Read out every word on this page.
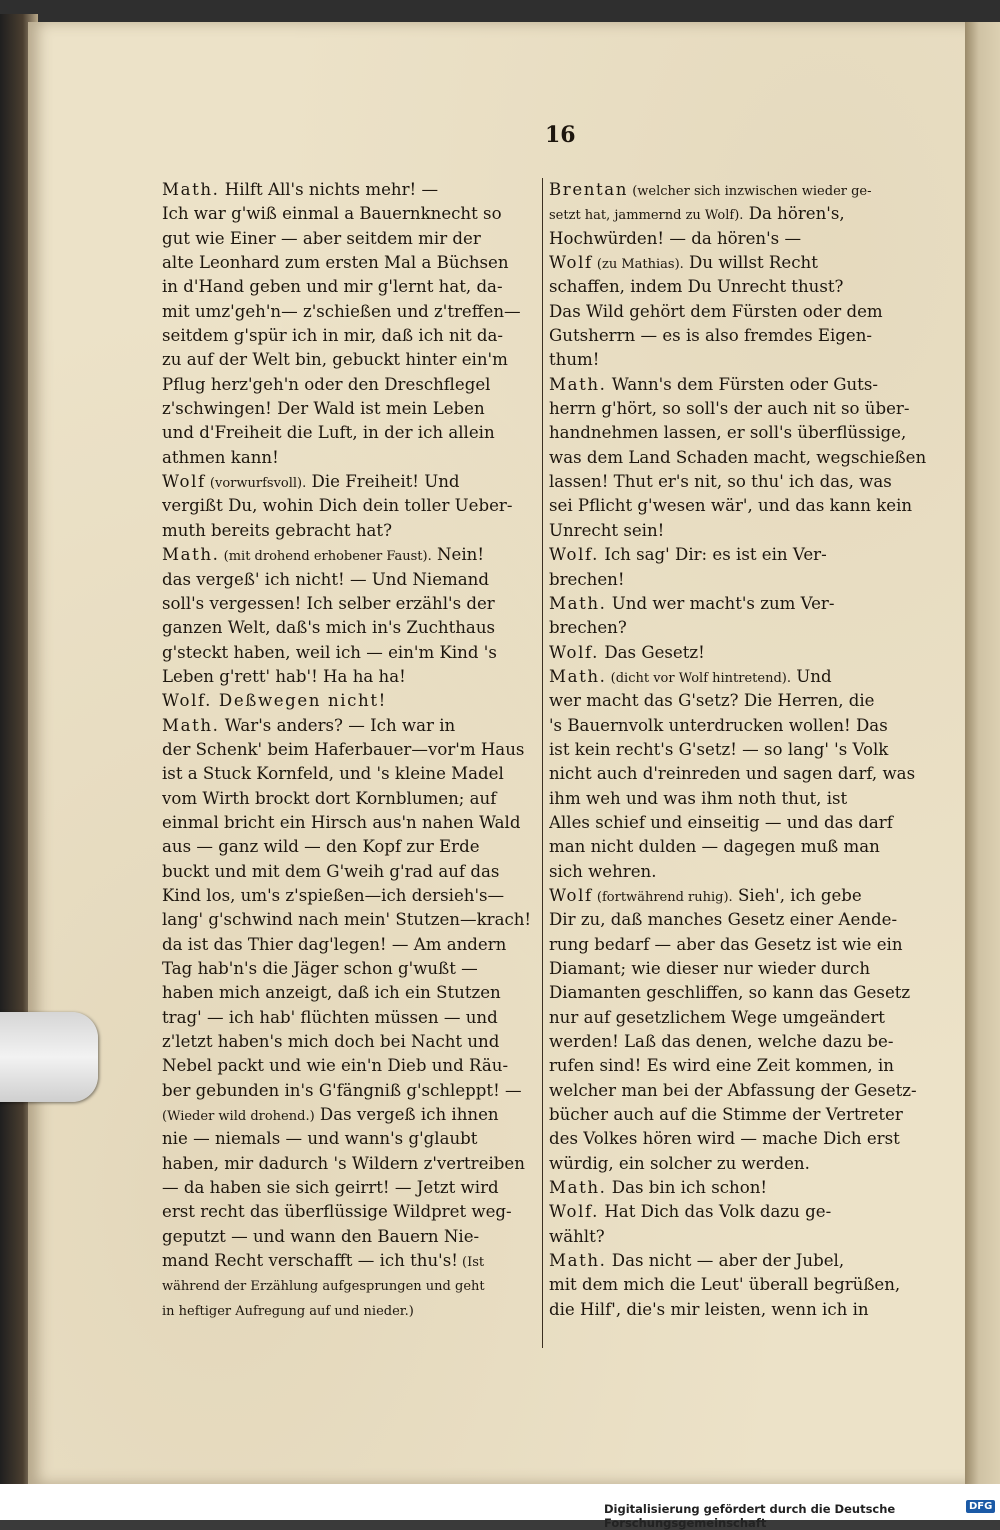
16
Math. Hilft All's nichts mehr! —
Ich war g'wiß einmal a Bauernknecht so
gut wie Einer — aber seitdem mir der
alte Leonhard zum ersten Mal a Büchsen
in d'Hand geben und mir g'lernt hat, da-
mit umz'geh'n— z'schießen und z'treffen—
seitdem g'spür ich in mir, daß ich nit da-
zu auf der Welt bin, gebuckt hinter ein'm
Pflug herz'geh'n oder den Dreschflegel
z'schwingen! Der Wald ist mein Leben
und d'Freiheit die Luft, in der ich allein
athmen kann!
Wolf (vorwurfsvoll). Die Freiheit! Und
vergißt Du, wohin Dich dein toller Ueber-
muth bereits gebracht hat?
Math. (mit drohend erhobener Faust). Nein!
das vergeß' ich nicht! — Und Niemand
soll's vergessen! Ich selber erzähl's der
ganzen Welt, daß's mich in's Zuchthaus
g'steckt haben, weil ich — ein'm Kind 's
Leben g'rett' hab'! Ha ha ha!
Wolf. Deßwegen nicht!
Math. War's anders? — Ich war in
der Schenk' beim Haferbauer—vor'm Haus
ist a Stuck Kornfeld, und 's kleine Madel
vom Wirth brockt dort Kornblumen; auf
einmal bricht ein Hirsch aus'n nahen Wald
aus — ganz wild — den Kopf zur Erde
buckt und mit dem G'weih g'rad auf das
Kind los, um's z'spießen—ich dersieh's—
lang' g'schwind nach mein' Stutzen—krach!
da ist das Thier dag'legen! — Am andern
Tag hab'n's die Jäger schon g'wußt —
haben mich anzeigt, daß ich ein Stutzen
trag' — ich hab' flüchten müssen — und
z'letzt haben's mich doch bei Nacht und
Nebel packt und wie ein'n Dieb und Räu-
ber gebunden in's G'fängniß g'schleppt! —
(Wieder wild drohend.) Das vergeß ich ihnen
nie — niemals — und wann's g'glaubt
haben, mir dadurch 's Wildern z'vertreiben
— da haben sie sich geirrt! — Jetzt wird
erst recht das überflüssige Wildpret weg-
geputzt — und wann den Bauern Nie-
mand Recht verschafft — ich thu's! (Ist
während der Erzählung aufgesprungen und geht
in heftiger Aufregung auf und nieder.)
Brentan (welcher sich inzwischen wieder ge-
setzt hat, jammernd zu Wolf). Da hören's,
Hochwürden! — da hören's —
Wolf (zu Mathias). Du willst Recht
schaffen, indem Du Unrecht thust?
Das Wild gehört dem Fürsten oder dem
Gutsherrn — es is also fremdes Eigen-
thum!
Math. Wann's dem Fürsten oder Guts-
herrn g'hört, so soll's der auch nit so über-
handnehmen lassen, er soll's überflüssige,
was dem Land Schaden macht, wegschießen
lassen! Thut er's nit, so thu' ich das, was
sei Pflicht g'wesen wär', und das kann kein
Unrecht sein!
Wolf. Ich sag' Dir: es ist ein Ver-
brechen!
Math. Und wer macht's zum Ver-
brechen?
Wolf. Das Gesetz!
Math. (dicht vor Wolf hintretend). Und
wer macht das G'setz? Die Herren, die
's Bauernvolk unterdrucken wollen! Das
ist kein recht's G'setz! — so lang' 's Volk
nicht auch d'reinreden und sagen darf, was
ihm weh und was ihm noth thut, ist
Alles schief und einseitig — und das darf
man nicht dulden — dagegen muß man
sich wehren.
Wolf (fortwährend ruhig). Sieh', ich gebe
Dir zu, daß manches Gesetz einer Aende-
rung bedarf — aber das Gesetz ist wie ein
Diamant; wie dieser nur wieder durch
Diamanten geschliffen, so kann das Gesetz
nur auf gesetzlichem Wege umgeändert
werden! Laß das denen, welche dazu be-
rufen sind! Es wird eine Zeit kommen, in
welcher man bei der Abfassung der Gesetz-
bücher auch auf die Stimme der Vertreter
des Volkes hören wird — mache Dich erst
würdig, ein solcher zu werden.
Math. Das bin ich schon!
Wolf. Hat Dich das Volk dazu ge-
wählt?
Math. Das nicht — aber der Jubel,
mit dem mich die Leut' überall begrüßen,
die Hilf', die's mir leisten, wenn ich in
Digitalisierung gefördert durch die Deutsche Forschungsgemeinschaft
DFG
